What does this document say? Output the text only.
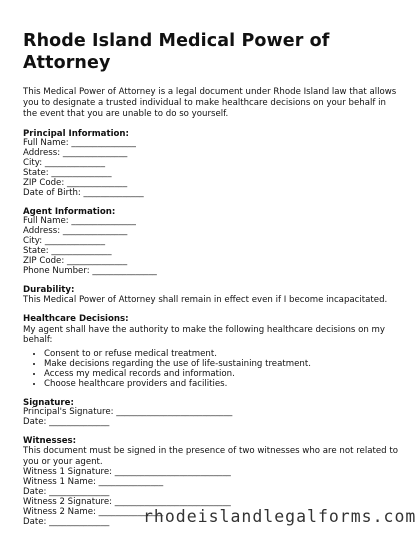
Rhode Island Medical Power of Attorney

This Medical Power of Attorney is a legal document under Rhode Island law that allows you to designate a trusted individual to make healthcare decisions on your behalf in the event that you are unable to do so yourself.

Principal Information:
Full Name: _______________
Address: _______________
City: ______________
State: ______________
ZIP Code: ______________
Date of Birth: ______________
Agent Information:
Full Name: _______________
Address: _______________
City: ______________
State: ______________
ZIP Code: ______________
Phone Number: _______________
Durability:

This Medical Power of Attorney shall remain in effect even if I become incapacitated.

Healthcare Decisions:

My agent shall have the authority to make the following healthcare decisions on my behalf:

• Consent to or refuse medical treatment.
• Make decisions regarding the use of life-sustaining treatment.
• Access my medical records and information.
• Choose healthcare providers and facilities.
Signature:
Principal's Signature: ___________________________
Date: ______________
Witnesses:

This document must be signed in the presence of two witnesses who are not related to you or your agent.

Witness 1 Signature: ___________________________
Witness 1 Name: _______________
Date: ______________
Witness 2 Signature: ___________________________
Witness 2 Name: _______________
Date: ______________	rhodeislandlegalforms.com
